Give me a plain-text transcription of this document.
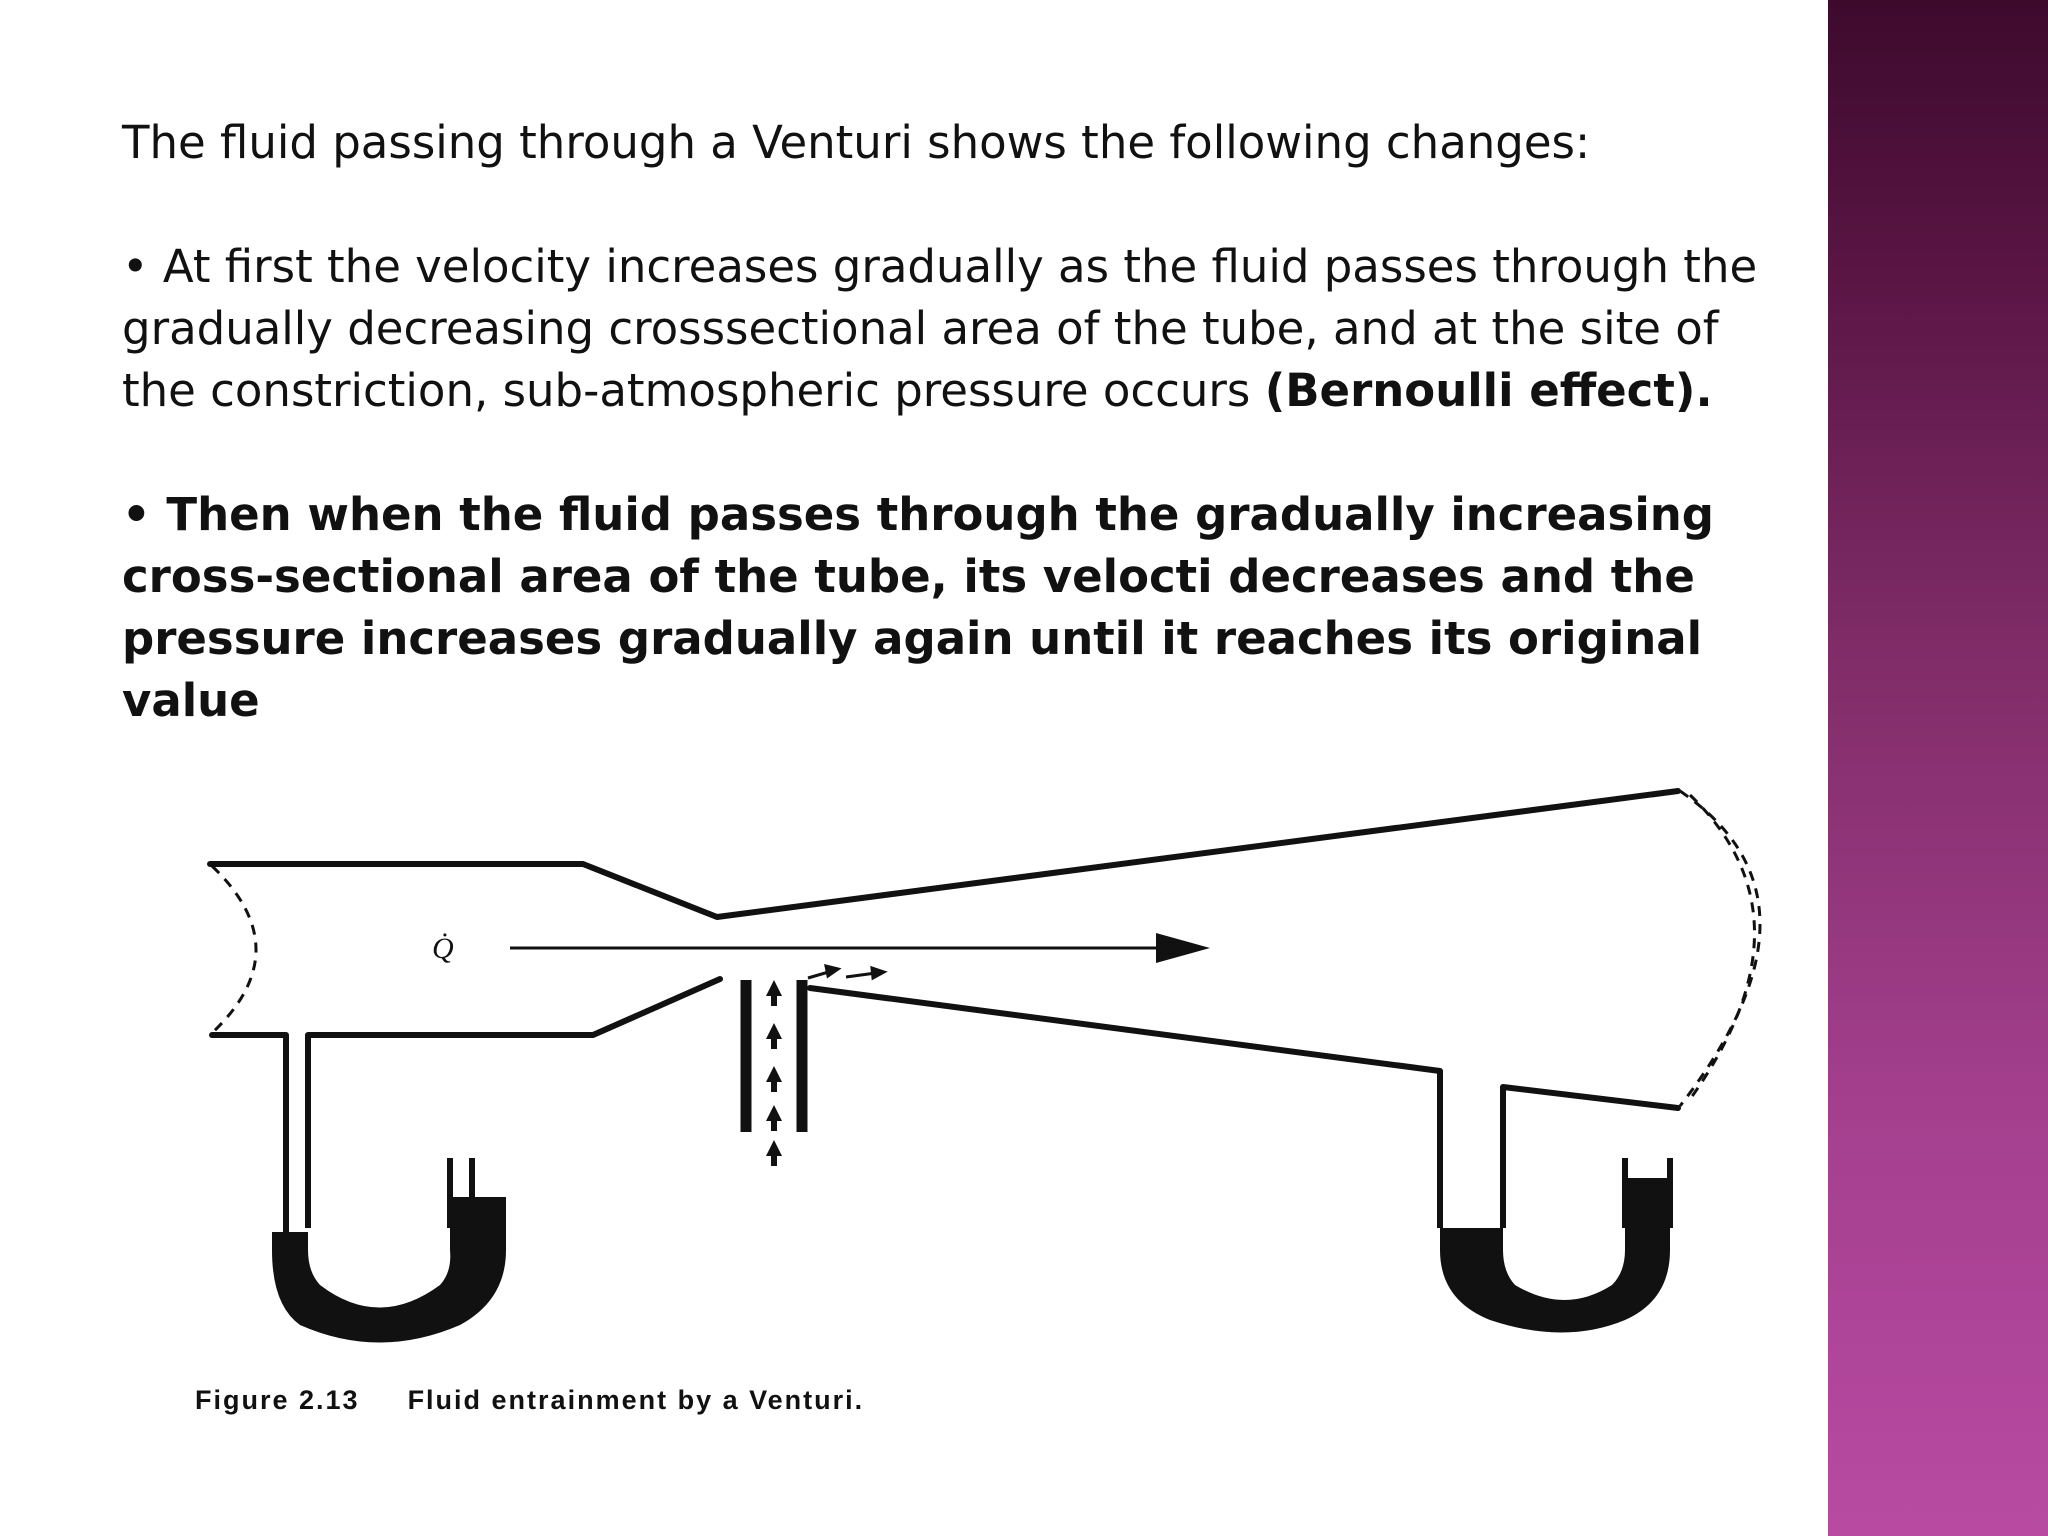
The fluid passing through a Venturi shows the following changes:

• At first the velocity increases gradually as the fluid passes through the gradually decreasing crosssectional area of the tube, and at the site of the constriction, sub-atmospheric pressure occurs (Bernoulli effect).

• Then when the fluid passes through the gradually increasing cross-sectional area of the tube, its velocti decreases and the pressure increases gradually again until it reaches its original value

Q̇
Figure 2.13 Fluid entrainment by a Venturi.
